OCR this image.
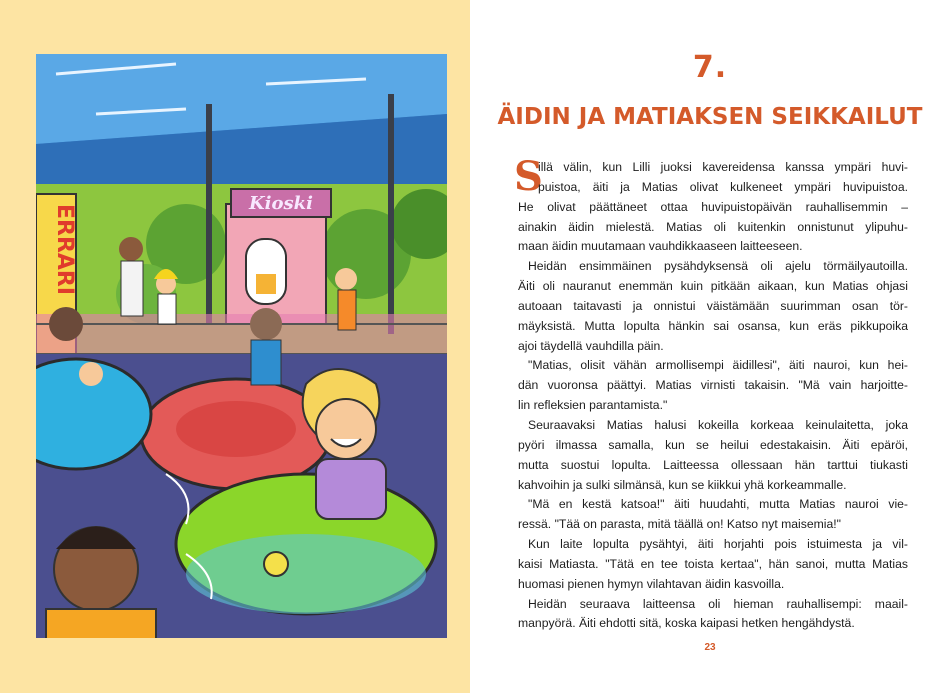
Kioski
ERRARI
7.
ÄIDIN JA MATIAKSEN SEIKKAILUT
S
illä välin, kun Lilli juoksi kavereidensa kanssa ympäri huvi-
puistoa, äiti ja Matias olivat kulkeneet ympäri huvipuistoa.
He olivat päättäneet ottaa huvipuistopäivän rauhallisemmin –
ainakin äidin mielestä. Matias oli kuitenkin onnistunut ylipuhu-
maan äidin muutamaan vauhdikkaaseen laitteeseen.
Heidän ensimmäinen pysähdyksensä oli ajelu törmäilyautoilla.
Äiti oli nauranut enemmän kuin pitkään aikaan, kun Matias ohjasi
autoaan taitavasti ja onnistui väistämään suurimman osan tör-
mäyksistä. Mutta lopulta hänkin sai osansa, kun eräs pikkupoika
ajoi täydellä vauhdilla päin.
"Matias, olisit vähän armollisempi äidillesi", äiti nauroi, kun hei-
dän vuoronsa päättyi. Matias virnisti takaisin. "Mä vain harjoitte-
lin refleksien parantamista."
Seuraavaksi Matias halusi kokeilla korkeaa keinulaitetta, joka
pyöri ilmassa samalla, kun se heilui edestakaisin. Äiti epäröi,
mutta suostui lopulta. Laitteessa ollessaan hän tarttui tiukasti
kahvoihin ja sulki silmänsä, kun se kiikkui yhä korkeammalle.
"Mä en kestä katsoa!" äiti huudahti, mutta Matias nauroi vie-
ressä. "Tää on parasta, mitä täällä on! Katso nyt maisemia!"
Kun laite lopulta pysähtyi, äiti horjahti pois istuimesta ja vil-
kaisi Matiasta. "Tätä en tee toista kertaa", hän sanoi, mutta Matias
huomasi pienen hymyn vilahtavan äidin kasvoilla.
Heidän seuraava laitteensa oli hieman rauhallisempi: maail-
manpyörä. Äiti ehdotti sitä, koska kaipasi hetken hengähdystä.
23
